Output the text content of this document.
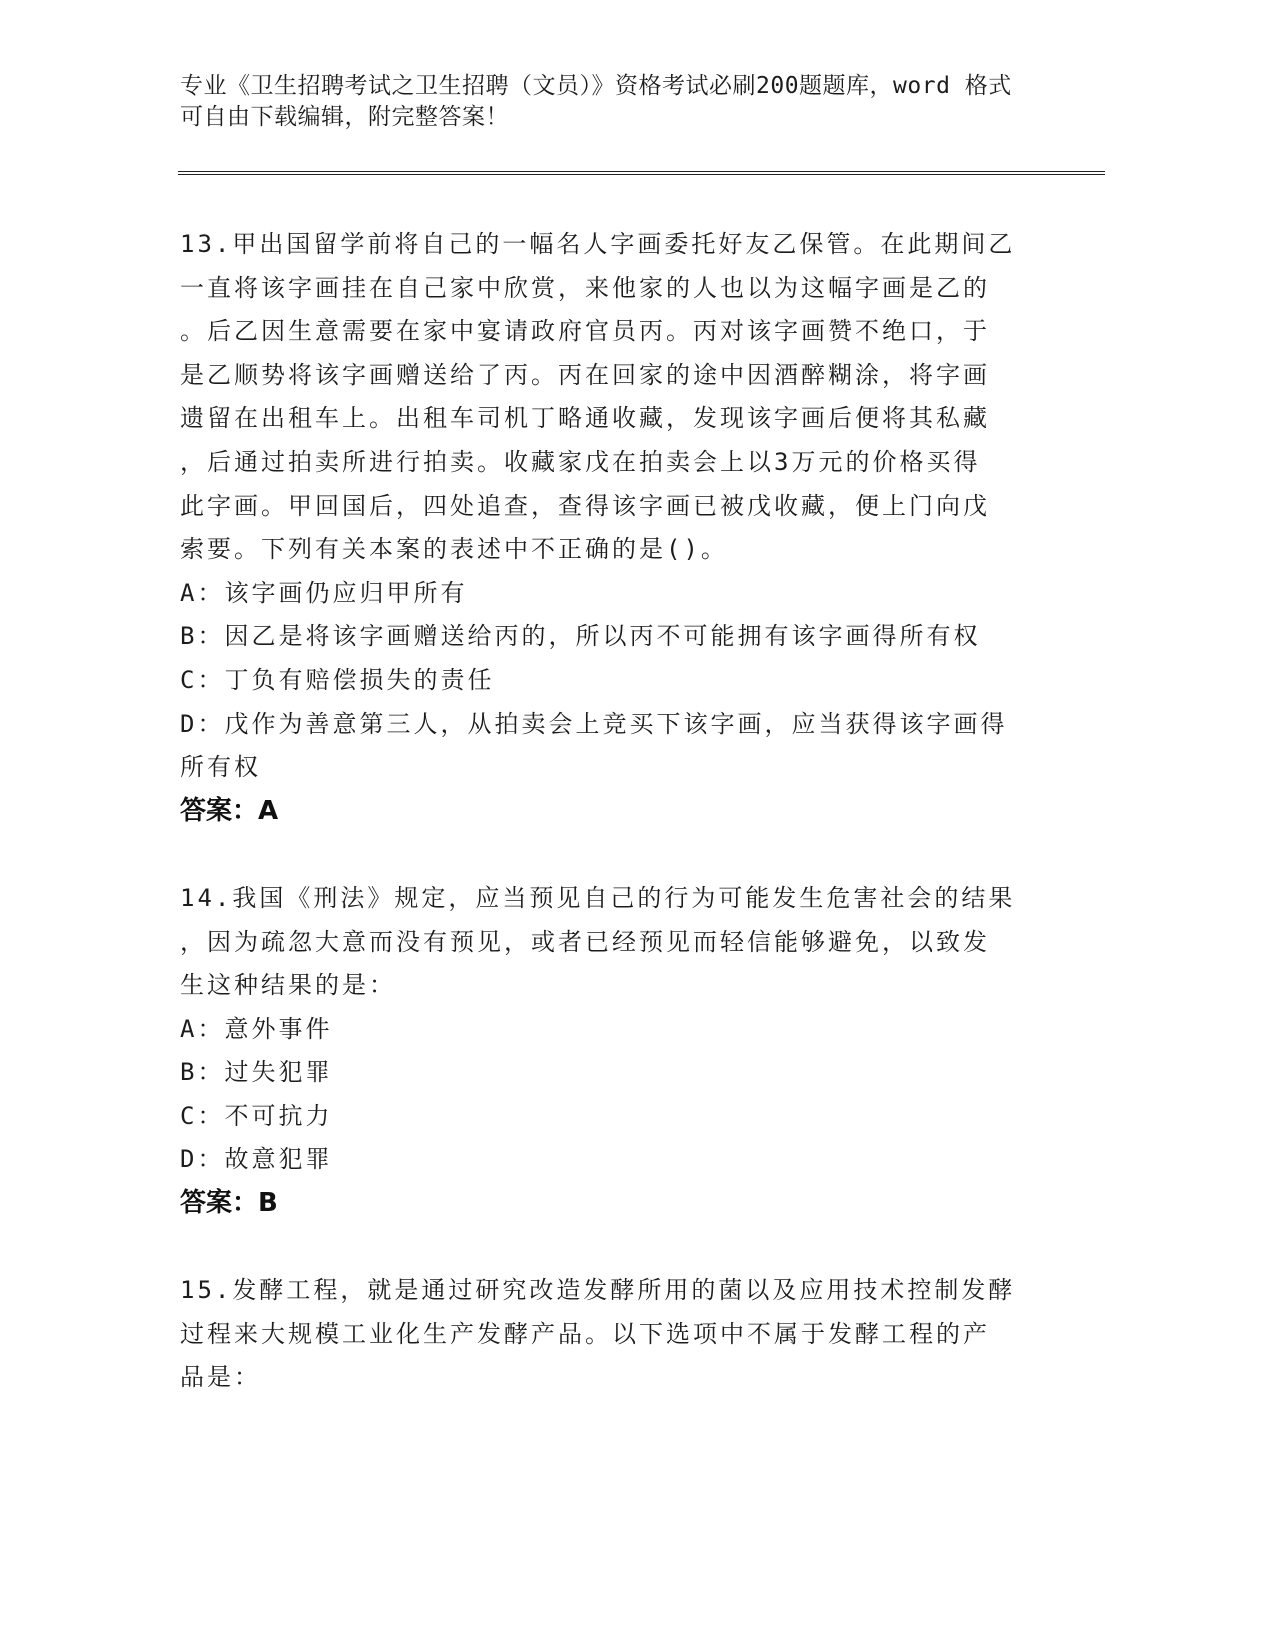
专业《卫生招聘考试之卫生招聘（文员）》资格考试必刷200题题库，word 格式
可自由下载编辑，附完整答案！
13.甲出国留学前将自己的一幅名人字画委托好友乙保管。在此期间乙
一直将该字画挂在自己家中欣赏，来他家的人也以为这幅字画是乙的
。后乙因生意需要在家中宴请政府官员丙。丙对该字画赞不绝口，于
是乙顺势将该字画赠送给了丙。丙在回家的途中因酒醉糊涂，将字画
遗留在出租车上。出租车司机丁略通收藏，发现该字画后便将其私藏
，后通过拍卖所进行拍卖。收藏家戊在拍卖会上以3万元的价格买得
此字画。甲回国后，四处追查，查得该字画已被戊收藏，便上门向戊
索要。下列有关本案的表述中不正确的是()。
A：该字画仍应归甲所有
B：因乙是将该字画赠送给丙的，所以丙不可能拥有该字画得所有权
C：丁负有赔偿损失的责任
D：戊作为善意第三人，从拍卖会上竞买下该字画，应当获得该字画得
所有权
答案：A
14.我国《刑法》规定，应当预见自己的行为可能发生危害社会的结果
，因为疏忽大意而没有预见，或者已经预见而轻信能够避免，以致发
生这种结果的是：
A：意外事件
B：过失犯罪
C：不可抗力
D：故意犯罪
答案：B
15.发酵工程，就是通过研究改造发酵所用的菌以及应用技术控制发酵
过程来大规模工业化生产发酵产品。以下选项中不属于发酵工程的产
品是：
